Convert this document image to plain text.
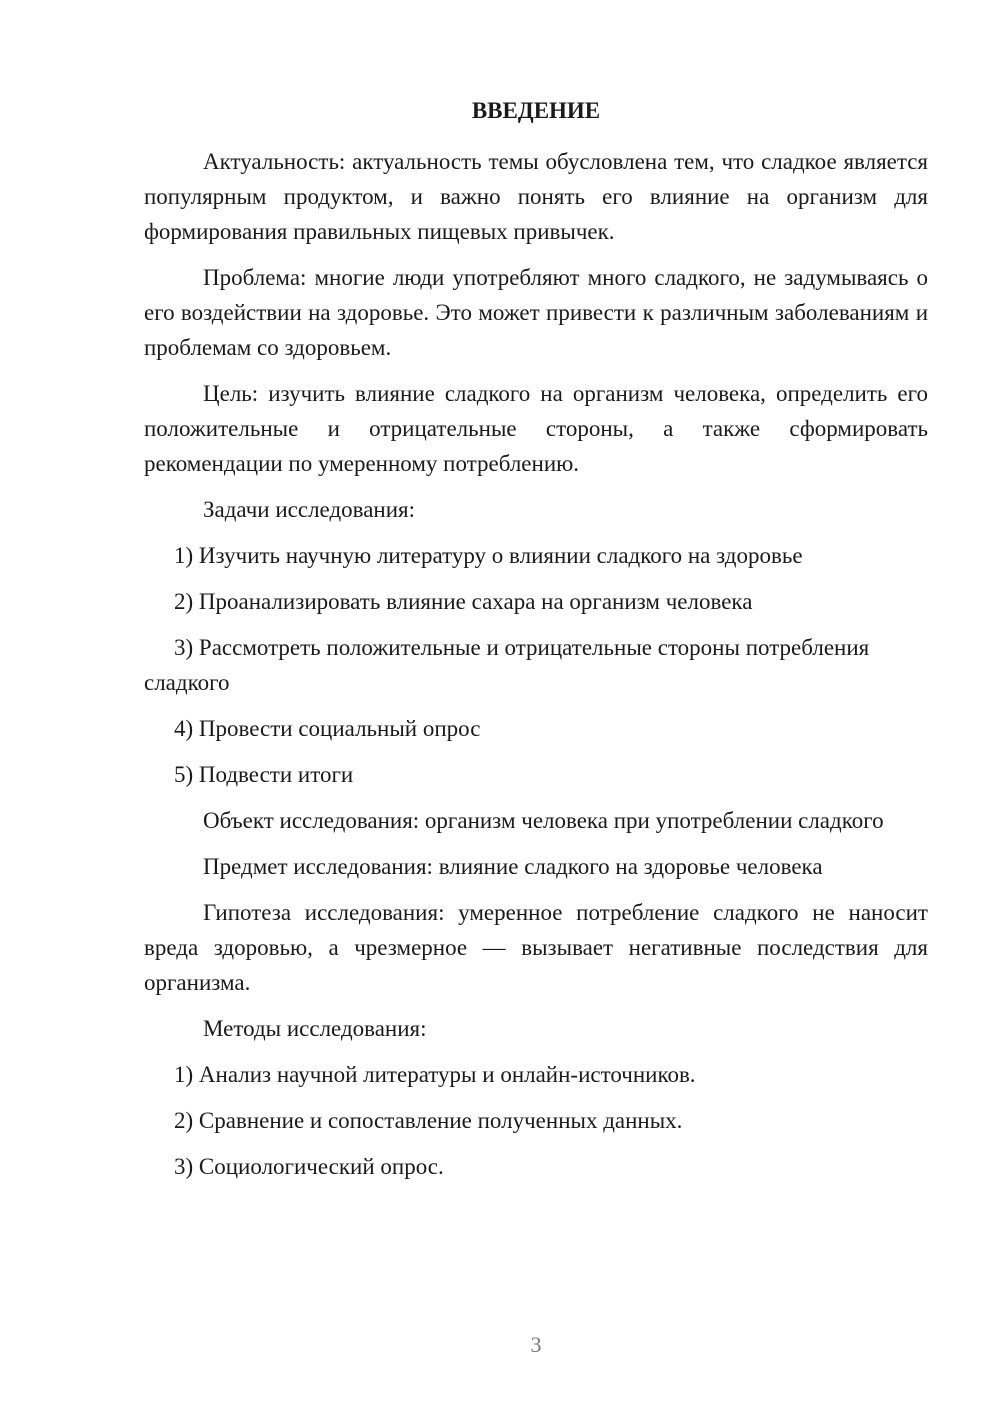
ВВЕДЕНИЕ

Актуальность: актуальность темы обусловлена тем, что сладкое является популярным продуктом, и важно понять его влияние на организм для формирования правильных пищевых привычек.

Проблема: многие люди употребляют много сладкого, не задумываясь о его воздействии на здоровье. Это может привести к различным заболеваниям и проблемам со здоровьем.

Цель: изучить влияние сладкого на организм человека, определить его положительные и отрицательные стороны, а также сформировать рекомендации по умеренному потреблению.

Задачи исследования:

1) Изучить научную литературу о влиянии сладкого на здоровье

2) Проанализировать влияние сахара на организм человека

3) Рассмотреть положительные и отрицательные стороны потребления сладкого

4) Провести социальный опрос

5) Подвести итоги

Объект исследования: организм человека при употреблении сладкого

Предмет исследования: влияние сладкого на здоровье человека

Гипотеза исследования: умеренное потребление сладкого не наносит вреда здоровью, а чрезмерное — вызывает негативные последствия для организма.

Методы исследования:

1) Анализ научной литературы и онлайн-источников.

2) Сравнение и сопоставление полученных данных.

3) Социологический опрос.

3
